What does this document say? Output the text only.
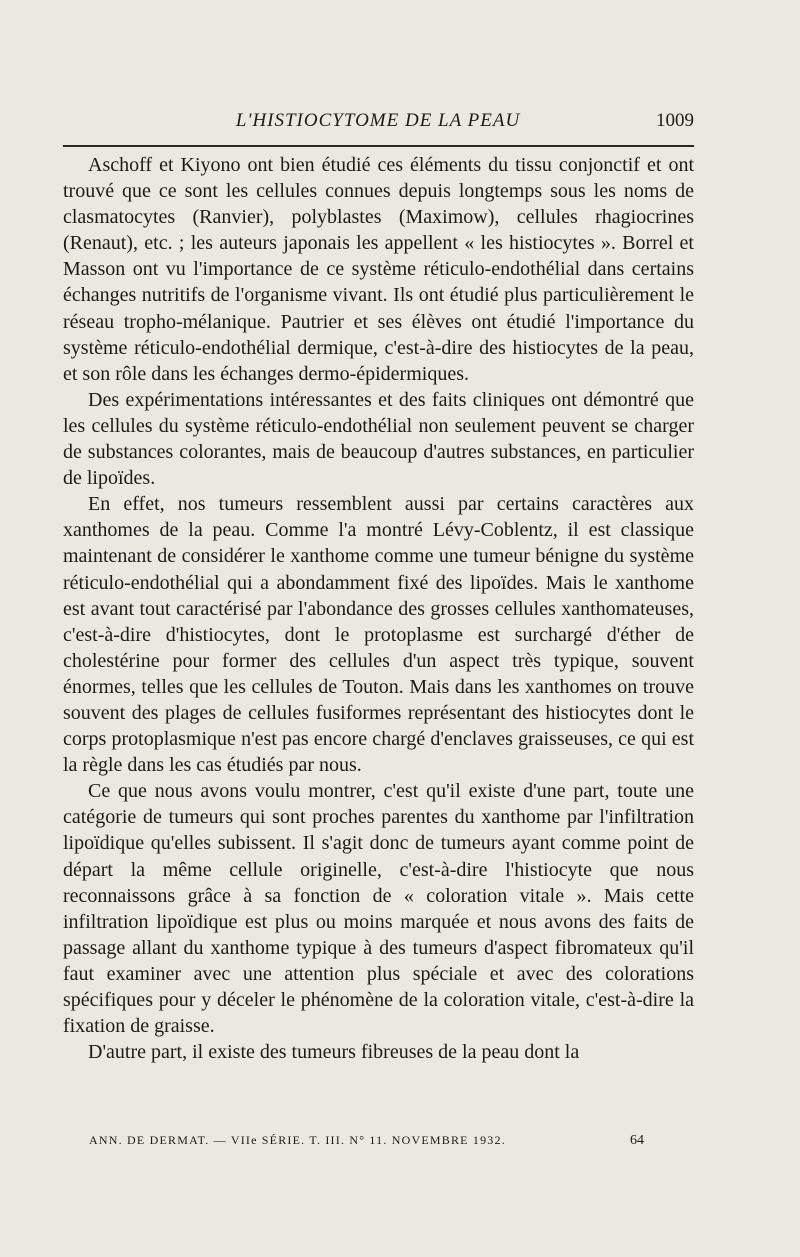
L'HISTIOCYTOME DE LA PEAU	1009

Aschoff et Kiyono ont bien étudié ces éléments du tissu conjonctif et ont trouvé que ce sont les cellules connues depuis longtemps sous les noms de clasmatocytes (Ranvier), polyblastes (Maximow), cellules rhagiocrines (Renaut), etc. ; les auteurs japonais les appellent « les histiocytes ». Borrel et Masson ont vu l'importance de ce système réticulo-endothélial dans certains échanges nutritifs de l'organisme vivant. Ils ont étudié plus particulièrement le réseau tropho-mélanique. Pautrier et ses élèves ont étudié l'importance du système réticulo-endothélial dermique, c'est-à-dire des histiocytes de la peau, et son rôle dans les échanges dermo-épidermiques.

Des expérimentations intéressantes et des faits cliniques ont démontré que les cellules du système réticulo-endothélial non seulement peuvent se charger de substances colorantes, mais de beaucoup d'autres substances, en particulier de lipoïdes.

En effet, nos tumeurs ressemblent aussi par certains caractères aux xanthomes de la peau. Comme l'a montré Lévy-Coblentz, il est classique maintenant de considérer le xanthome comme une tumeur bénigne du système réticulo-endothélial qui a abondamment fixé des lipoïdes. Mais le xanthome est avant tout caractérisé par l'abondance des grosses cellules xanthomateuses, c'est-à-dire d'histiocytes, dont le protoplasme est surchargé d'éther de cholestérine pour former des cellules d'un aspect très typique, souvent énormes, telles que les cellules de Touton. Mais dans les xanthomes on trouve souvent des plages de cellules fusiformes représentant des histiocytes dont le corps protoplasmique n'est pas encore chargé d'enclaves graisseuses, ce qui est la règle dans les cas étudiés par nous.

Ce que nous avons voulu montrer, c'est qu'il existe d'une part, toute une catégorie de tumeurs qui sont proches parentes du xanthome par l'infiltration lipoïdique qu'elles subissent. Il s'agit donc de tumeurs ayant comme point de départ la même cellule originelle, c'est-à-dire l'histiocyte que nous reconnaissons grâce à sa fonction de « coloration vitale ». Mais cette infiltration lipoïdique est plus ou moins marquée et nous avons des faits de passage allant du xanthome typique à des tumeurs d'aspect fibromateux qu'il faut examiner avec une attention plus spéciale et avec des colorations spécifiques pour y déceler le phénomène de la coloration vitale, c'est-à-dire la fixation de graisse.

D'autre part, il existe des tumeurs fibreuses de la peau dont la

ANN. DE DERMAT. — VIIe SÉRIE. T. III. N° 11. NOVEMBRE 1932.	64
